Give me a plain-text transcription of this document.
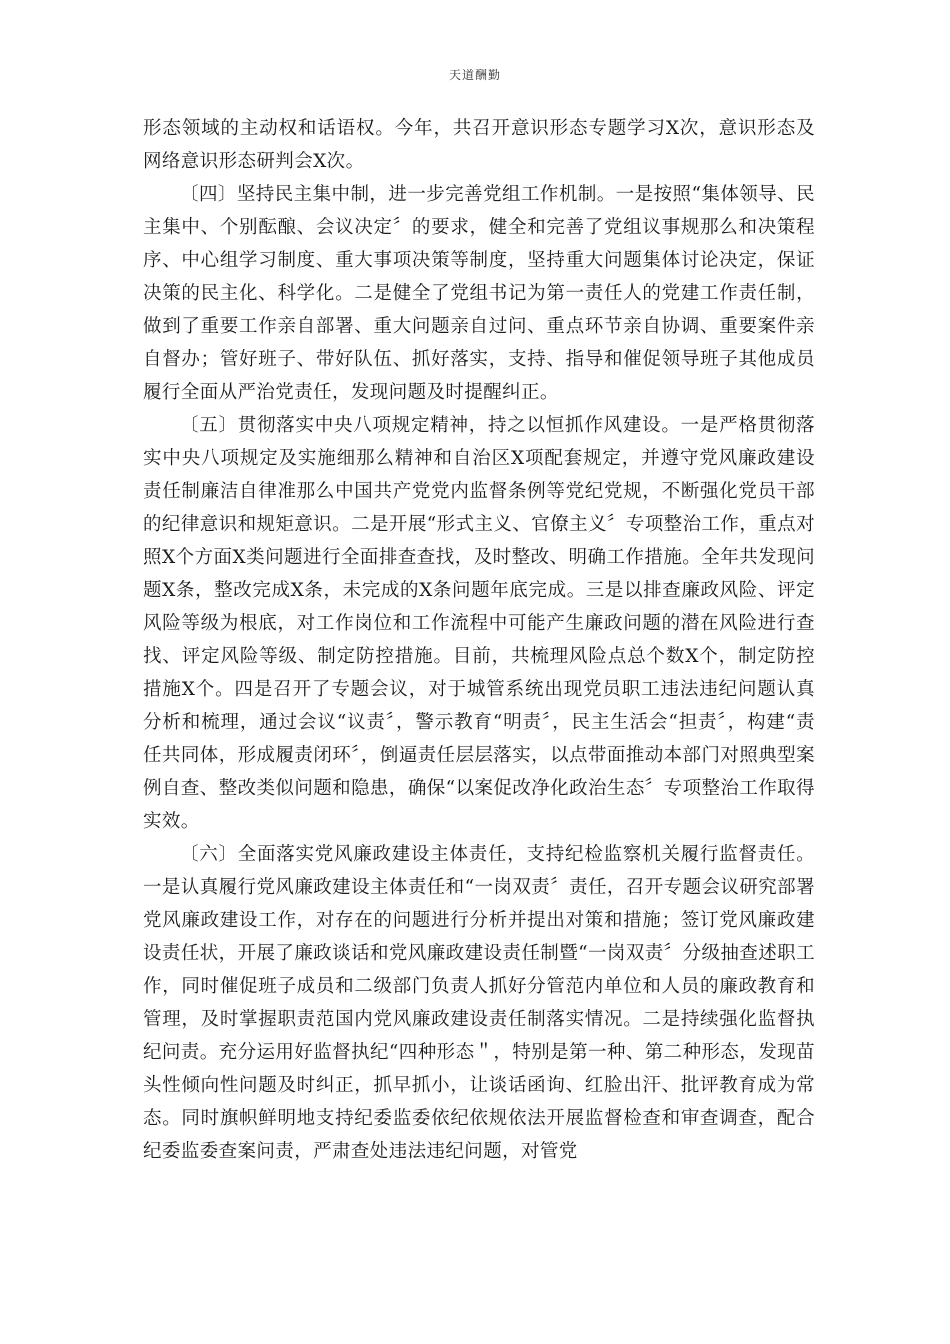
天道酬勤

形态领域的主动权和话语权。今年，共召开意识形态专题学习X次，意识形态及网络意识形态研判会X次。

〔四〕坚持民主集中制，进一步完善党组工作机制。一是按照“集体领导、民主集中、个别酝酿、会议决定〞的要求，健全和完善了党组议事规那么和决策程序、中心组学习制度、重大事项决策等制度，坚持重大问题集体讨论决定，保证决策的民主化、科学化。二是健全了党组书记为第一责任人的党建工作责任制，做到了重要工作亲自部署、重大问题亲自过问、重点环节亲自协调、重要案件亲自督办；管好班子、带好队伍、抓好落实，支持、指导和催促领导班子其他成员履行全面从严治党责任，发现问题及时提醒纠正。

〔五〕贯彻落实中央八项规定精神，持之以恒抓作风建设。一是严格贯彻落实中央八项规定及实施细那么精神和自治区X项配套规定，并遵守党风廉政建设责任制廉洁自律准那么中国共产党党内监督条例等党纪党规，不断强化党员干部的纪律意识和规矩意识。二是开展“形式主义、官僚主义〞专项整治工作，重点对照X个方面X类问题进行全面排查查找，及时整改、明确工作措施。全年共发现问题X条，整改完成X条，未完成的X条问题年底完成。三是以排查廉政风险、评定风险等级为根底，对工作岗位和工作流程中可能产生廉政问题的潜在风险进行查找、评定风险等级、制定防控措施。目前，共梳理风险点总个数X个，制定防控措施X个。四是召开了专题会议，对于城管系统出现党员职工违法违纪问题认真分析和梳理，通过会议“议责〞，警示教育“明责〞，民主生活会“担责〞，构建“责任共同体，形成履责闭环〞，倒逼责任层层落实，以点带面推动本部门对照典型案例自查、整改类似问题和隐患，确保“以案促改净化政治生态〞专项整治工作取得实效。

〔六〕全面落实党风廉政建设主体责任，支持纪检监察机关履行监督责任。一是认真履行党风廉政建设主体责任和“一岗双责〞责任，召开专题会议研究部署党风廉政建设工作，对存在的问题进行分析并提出对策和措施；签订党风廉政建设责任状，开展了廉政谈话和党风廉政建设责任制暨“一岗双责〞分级抽查述职工作，同时催促班子成员和二级部门负责人抓好分管范内单位和人员的廉政教育和管理，及时掌握职责范国内党风廉政建设责任制落实情况。二是持续强化监督执纪问责。充分运用好监督执纪“四种形态＂，特别是第一种、第二种形态，发现苗头性倾向性问题及时纠正，抓早抓小，让谈话函询、红脸出汗、批评教育成为常态。同时旗帜鲜明地支持纪委监委依纪依规依法开展监督检查和审查调查，配合纪委监委查案问责，严肃查处违法违纪问题，对管党
